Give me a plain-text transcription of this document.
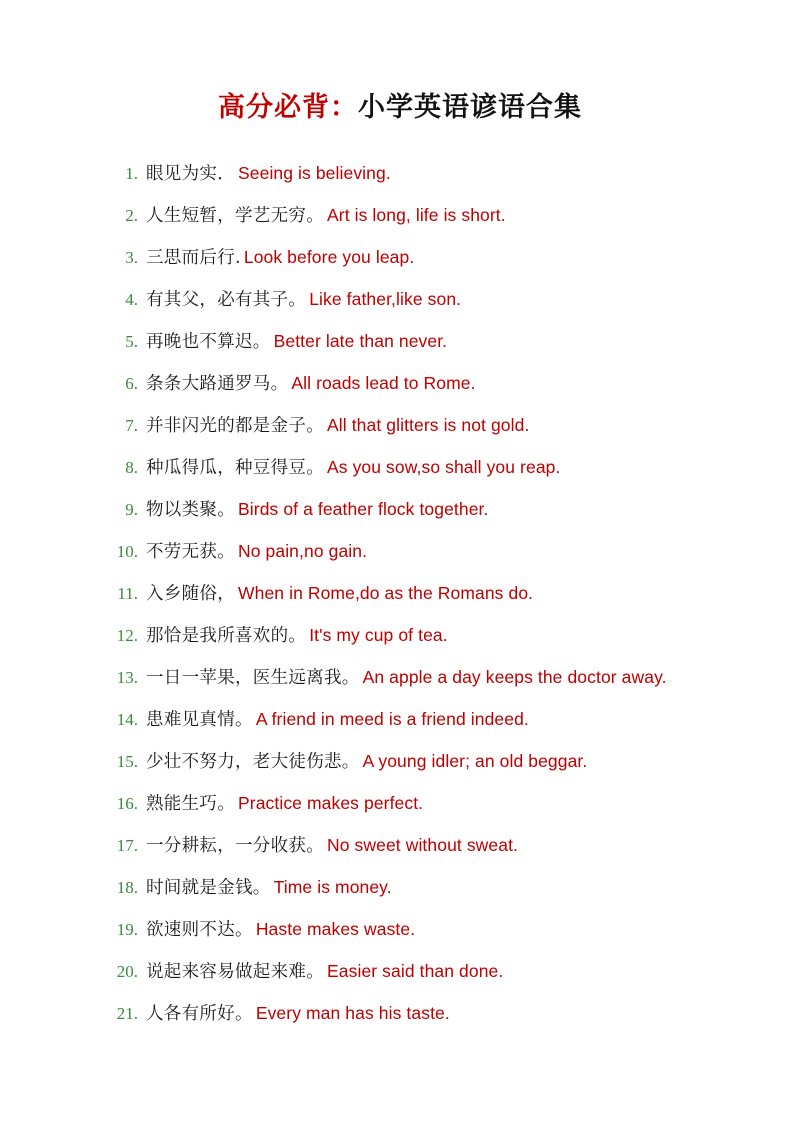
高分必背：小学英语谚语合集
1. 眼见为实． Seeing is believing.
2. 人生短暂，学艺无穷。 Art is long, life is short.
3. 三思而后行. Look before you leap.
4. 有其父，必有其子。 Like father,like son.
5. 再晚也不算迟。 Better late than never.
6. 条条大路通罗马。 All roads lead to Rome.
7. 并非闪光的都是金子。 All that glitters is not gold.
8. 种瓜得瓜，种豆得豆。 As you sow,so shall you reap.
9. 物以类聚。 Birds of a feather flock together.
10. 不劳无获。 No pain,no gain.
11. 入乡随俗， When in Rome,do as the Romans do.
12. 那恰是我所喜欢的。 It's my cup of tea.
13. 一日一苹果，医生远离我。 An apple a day keeps the doctor away.
14. 患难见真情。 A friend in meed is a friend indeed.
15. 少壮不努力，老大徒伤悲。 A young idler; an old beggar.
16. 熟能生巧。 Practice makes perfect.
17. 一分耕耘，一分收获。 No sweet without sweat.
18. 时间就是金钱。 Time is money.
19. 欲速则不达。 Haste makes waste.
20. 说起来容易做起来难。 Easier said than done.
21. 人各有所好。 Every man has his taste.
